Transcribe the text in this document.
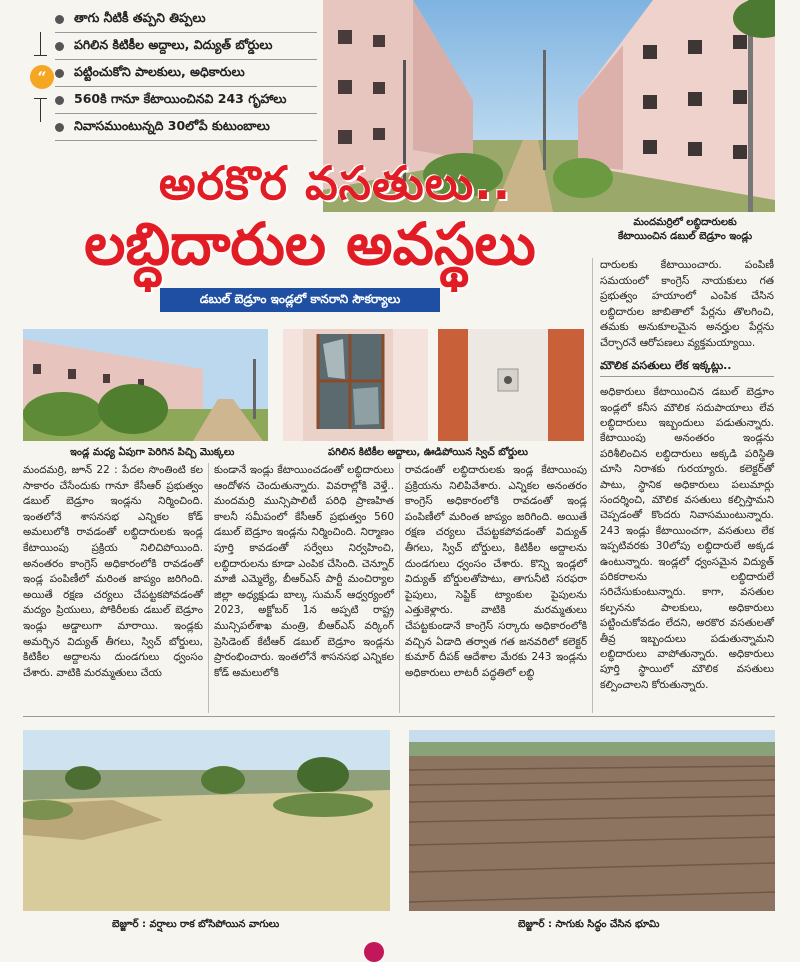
“
తాగు నీటికీ తప్పని తిప్పలు
పగిలిన కిటికీల అద్దాలు, విద్యుత్ బోర్డులు
పట్టించుకోని పాలకులు, అధికారులు
560కి గానూ కేటాయించినవి 243 గృహాలు
నివాసముంటున్నది 30లోపే కుటుంబాలు
అరకొర వసతులు..
లబ్ధిదారుల అవస్థలు
డబుల్ బెడ్రూం ఇండ్లలో కానరాని సౌకర్యాలు
మందమర్రిలో లబ్ధిదారులకు
కేటాయించిన డబుల్ బెడ్రూం ఇండ్లు
ఇండ్ల మధ్య ఏపుగా పెరిగిన పిచ్చి మొక్కలు	పగిలిన కిటికీల అద్దాలు, ఊడిపోయిన స్విచ్ బోర్డులు

దారులకు కేటాయించారు. పంపిణీ సమయంలో కాంగ్రెస్ నాయకులు గత ప్రభుత్వం హయాంలో ఎంపిక చేసిన లబ్ధిదారుల జాబితాలో పేర్లను తొలగించి, తమకు అనుకూలమైన అనర్హుల పేర్లను చేర్చారనే ఆరోపణలు వ్యక్తమయ్యాయి.

మౌలిక వసతులు లేక ఇక్కట్లు..

అధికారులు కేటాయించిన డబుల్ బెడ్రూం ఇండ్లలో కనీస మౌలిక సదుపాయాలు లేవ లబ్ధిదారులు ఇబ్బందులు పడుతున్నారు. కేటాయింపు అనంతరం ఇండ్లను పరిశీలించిన లబ్ధిదారులు అక్కడి పరిస్థితి చూసి నిరాశకు గురయ్యారు. కలెక్టర్‌తో పాటు, స్థానిక అధికారులు పలుమార్లు సందర్శించి, మౌలిక వసతులు కల్పిస్తామని చెప్పడంతో కొందరు నివాసముంటున్నారు. 243 ఇండ్లు కేటాయించగా, వసతులు లేక ఇప్పటివరకు 30లోపు లబ్ధిదారులే అక్కడ ఉంటున్నారు. ఇండ్లలో ధ్వంసమైన విద్యుత్ పరికరాలను లబ్ధిదారులే సరిచేసుకుంటున్నారు. కాగా, వసతుల కల్పనను పాలకులు, అధికారులు పట్టించుకోవడం లేదని, అరకొర వసతులతో తీవ్ర ఇబ్బందులు పడుతున్నామని లబ్ధిదారులు వాపోతున్నారు. అధికారులు పూర్తి స్థాయిలో మౌలిక వసతులు కల్పించాలని కోరుతున్నారు.

మందమర్రి, జూన్ 22 : పేదల సొంతింటి కల సాకారం చేసేందుకు గానూ కేసీఆర్ ప్రభుత్వం డబుల్ బెడ్రూం ఇండ్లను నిర్మించింది. ఇంతలోనే శాసనసభ ఎన్నికల కోడ్ అమలులోకి రావడంతో లబ్ధిదారులకు ఇండ్ల కేటాయింపు ప్రక్రియ నిలిచిపోయింది. అనంతరం కాంగ్రెస్ అధికారంలోకి రావడంతో ఇండ్ల పంపిణీలో మరింత జాప్యం జరిగింది. అయితే రక్షణ చర్యలు చేపట్టకపోవడంతో మద్యం ప్రియులు, పోకిరీలకు డబుల్ బెడ్రూం ఇండ్లు అడ్డాలుగా మారాయి. ఇండ్లకు అమర్చిన విద్యుత్ తీగలు, స్విచ్ బోర్డులు, కిటికీల అద్దాలను దుండగులు ధ్వంసం చేశారు. వాటికి మరమ్మతులు చేయ
కుండానే ఇండ్లు కేటాయించడంతో లబ్ధిదారులు ఆందోళన చెందుతున్నారు. వివరాల్లోకి వెళ్తే.. మందమర్రి మున్సిపాలిటీ పరిధి ప్రాణహిత కాలనీ సమీపంలో కేసీఆర్ ప్రభుత్వం 560 డబుల్ బెడ్రూం ఇండ్లను నిర్మించింది. నిర్మాణం పూర్తి కావడంతో సర్వేలు నిర్వహించి, లబ్ధిదారులను కూడా ఎంపిక చేసింది. చెన్నూర్ మాజీ ఎమ్మెల్యే, బీఆర్ఎస్ పార్టీ మంచిర్యాల జిల్లా అధ్యక్షుడు బాల్క సుమన్ ఆధ్వర్యంలో 2023, అక్టోబర్ 1న అప్పటి రాష్ట్ర మున్సిపల్‌శాఖ మంత్రి, బీఆర్ఎస్ వర్కింగ్ ప్రెసిడెంట్ కేటీఆర్ డబుల్ బెడ్రూం ఇండ్లను ప్రారంభించారు. ఇంతలోనే శాసనసభ ఎన్నికల కోడ్ అమలులోకి
రావడంతో లబ్ధిదారులకు ఇండ్ల కేటాయింపు ప్రక్రియను నిలిపివేశారు. ఎన్నికల అనంతరం కాంగ్రెస్ అధికారంలోకి రావడంతో ఇండ్ల పంపిణీలో మరింత జాప్యం జరిగింది. అయితే రక్షణ చర్యలు చేపట్టకపోవడంతో విద్యుత్ తీగలు, స్విచ్ బోర్డులు, కిటికీల అద్దాలను దుండగులు ధ్వంసం చేశారు. కొన్ని ఇండ్లలో విద్యుత్ బోర్డులతోపాటు, తాగునీటి సరఫరా పైపులు, సెప్టిక్ ట్యాంకుల పైపులను ఎత్తుకెళ్లారు. వాటికి మరమ్మతులు చేపట్టకుండానే కాంగ్రెస్ సర్కారు అధికారంలోకి వచ్చిన ఏడాది తర్వాత గత జనవరిలో కలెక్టర్ కుమార్ దీపక్ ఆదేశాల మేరకు 243 ఇండ్లను అధికారులు లాటరీ పద్ధతిలో లబ్ధి
బెజ్జూర్ : వర్షాలు రాక బోసిపోయిన వాగులు	బెజ్జూర్ : సాగుకు సిద్ధం చేసిన భూమి
